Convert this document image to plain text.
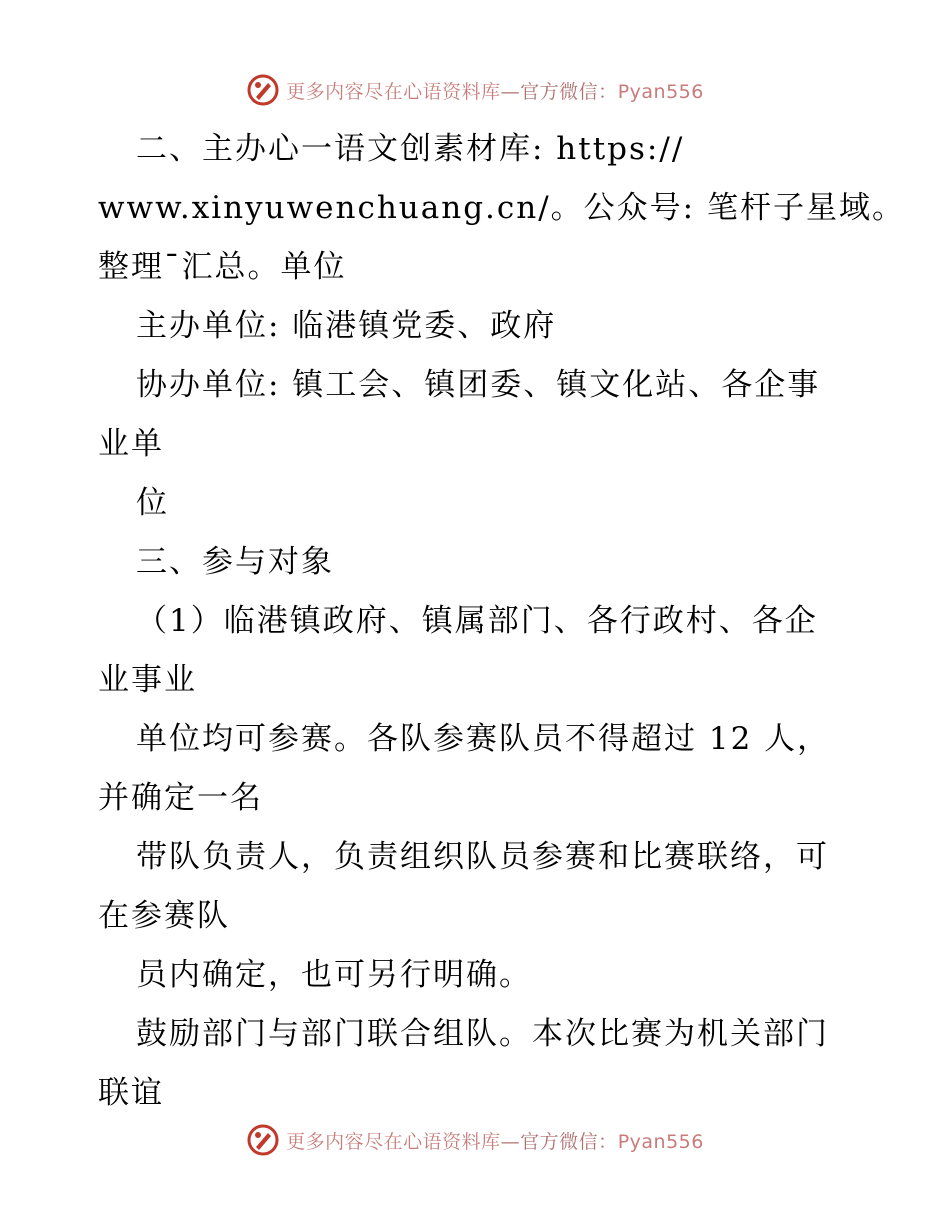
更多内容尽在心语资料库—官方微信：Pyan556
二、主办心一语文创素材库: https://
www.xinyuwenchuang.cn/。公众号: 笔杆子星域。
整理¯汇总。单位
主办单位: 临港镇党委、政府
协办单位: 镇工会、镇团委、镇文化站、各企事
业单
位
三、参与对象
（1）临港镇政府、镇属部门、各行政村、各企
业事业
单位均可参赛。各队参赛队员不得超过 12 人，
并确定一名
带队负责人，负责组织队员参赛和比赛联络，可
在参赛队
员内确定，也可另行明确。
鼓励部门与部门联合组队。本次比赛为机关部门
联谊
更多内容尽在心语资料库—官方微信：Pyan556
